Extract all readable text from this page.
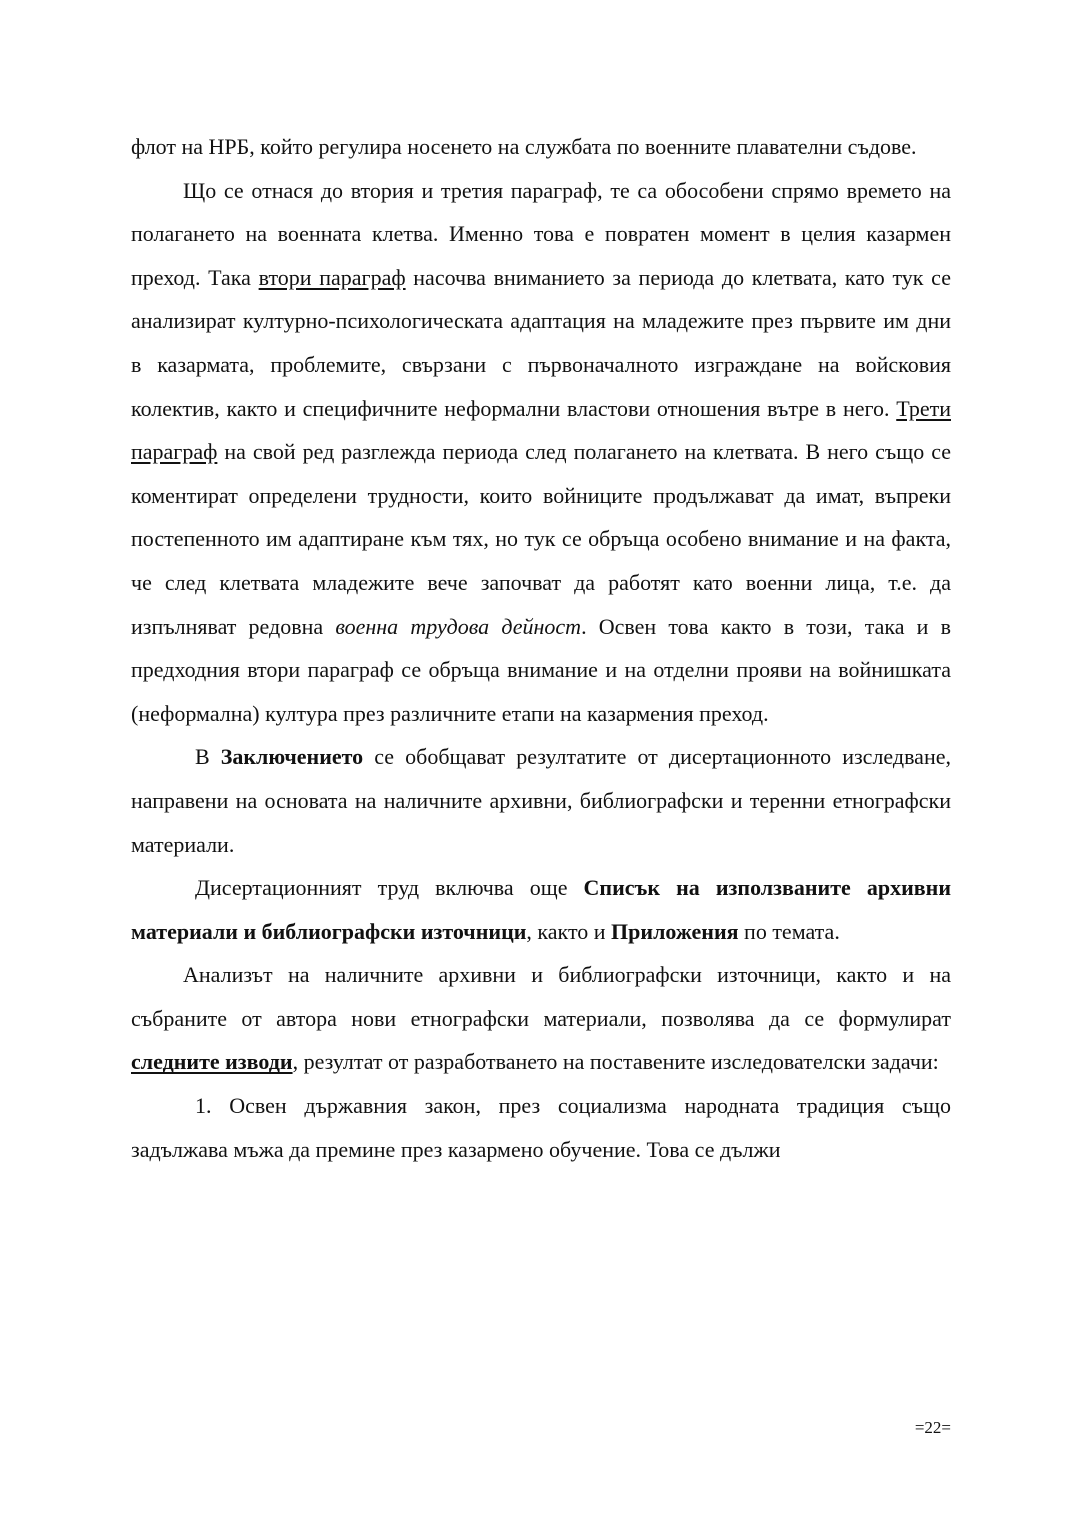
флот на НРБ, който регулира носенето на службата по военните плавателни съдове.

Що се отнася до втория и третия параграф, те са обособени спрямо времето на полагането на военната клетва. Именно това е повратен момент в целия казармен преход. Така втори параграф насочва вниманието за периода до клетвата, като тук се анализират културно-психологическата адаптация на младежите през първите им дни в казармата, проблемите, свързани с първоначалното изграждане на войсковия колектив, както и специфичните неформални властови отношения вътре в него. Трети параграф на свой ред разглежда периода след полагането на клетвата. В него също се коментират определени трудности, които войниците продължават да имат, въпреки постепенното им адаптиране към тях, но тук се обръща особено внимание и на факта, че след клетвата младежите вече започват да работят като военни лица, т.е. да изпълняват редовна военна трудова дейност. Освен това както в този, така и в предходния втори параграф се обръща внимание и на отделни прояви на войнишката (неформална) култура през различните етапи на казармения преход.

В Заключението се обобщават резултатите от дисертационното изследване, направени на основата на наличните архивни, библиографски и теренни етнографски материали.

Дисертационният труд включва още Списък на използваните архивни материали и библиографски източници, както и Приложения по темата.

Анализът на наличните архивни и библиографски източници, както и на събраните от автора нови етнографски материали, позволява да се формулират следните изводи, резултат от разработването на поставените изследователски задачи:

1. Освен държавния закон, през социализма народната традиция също задължава мъжа да премине през казармено обучение. Това се дължи

=22=
